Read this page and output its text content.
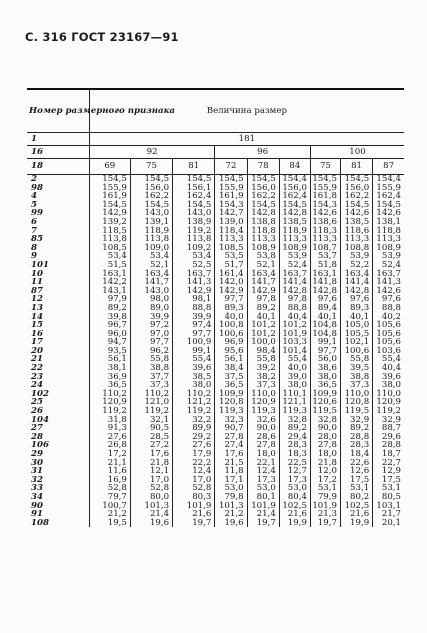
С. 316 ГОСТ 23167—91
Номер размерного признака	Величина размер								
1	181								
16	92			96			100		
18	69	75	81	72	78	84	75	81	87
2	154,5	154,5	154,5	154,5	154,5	154,4	154,5	154,5	154,4
98	155,9	156,0	156,1	155,9	156,0	156,0	155,9	156,0	155,9
4	161,9	162,2	162,4	161,9	162,2	162,4	161,8	162,2	162,4
5	154,5	154,5	154,5	154,3	154,5	154,5	154,3	154,5	154,5
99	142,9	143,0	143,0	142,7	142,8	142,8	142,6	142,6	142,6
6	139,2	139,1	138,9	139,0	138,8	138,5	138,6	138,5	138,1
7	118,5	118,9	119,2	118,4	118,8	118,9	118,3	118,6	118,8
85	113,8	113,8	113,8	113,3	113,3	113,3	113,3	113,3	113,3
8	108,5	109,0	109,2	108,5	108,9	108,9	108,7	108,8	108,9
9	53,4	53,4	53,4	53,5	53,8	53,9	53,7	53,9	53,9
101	51,5	52,1	52,5	51,7	52,1	52,4	51,8	52,2	52,4
10	163,1	163,4	163,7	161,4	163,4	163,7	163,1	163,4	163,7
11	142,2	141,7	141,3	142,0	141,7	141,4	141,8	141,4	141,3
87	143,1	143,0	142,9	142,9	142,9	142,8	142,8	142,8	142,6
12	97,9	98,0	98,1	97,7	97,8	97,8	97,6	97,6	97,6
13	89,2	89,0	88,8	89,3	89,2	88,8	89,4	89,3	88,8
14	39,8	39,9	39,9	40,0	40,1	40,4	40,1	40,1	40,2
15	96,7	97,2	97,4	100,8	101,2	101,2	104,8	105,0	105,6
16	96,0	97,0	97,7	100,6	101,2	101,9	104,8	105,5	105,6
17	94,7	97,7	100,9	96,9	100,0	103,3	99,1	102,1	105,6
20	93,5	96,2	99,1	95,6	98,4	101,4	97,7	100,6	103,6
21	56,1	55,8	55,4	56,1	55,8	55,4	56,0	55,8	55,4
22	38,1	38,8	39,6	38,4	39,2	40,0	38,6	39,5	40,4
23	36,9	37,7	38,5	37,5	38,2	39,0	38,0	38,8	39,6
24	36,5	37,3	38,0	36,5	37,3	38,0	36,5	37,3	38,0
102	110,2	110,2	110,2	109,9	110,0	110,1	109,9	110,0	110,0
25	120,9	121,0	121,2	120,8	120,9	121,1	120,6	120,8	120,9
26	119,2	119,2	119,2	119,3	119,3	119,3	119,5	119,5	119,2
104	31,8	32,1	32,2	32,3	32,6	32,8	32,8	32,9	32,9
27	91,3	90,5	89,9	90,7	90,0	89,2	90,0	89,2	88,7
28	27,6	28,5	29,2	27,8	28,6	29,4	28,0	28,8	29,6
106	26,8	27,2	27,6	27,4	27,8	28,3	27,8	28,3	28,8
29	17,2	17,6	17,9	17,6	18,0	18,3	18,0	18,4	18,7
30	21,1	21,8	22,2	21,5	22,1	22,5	21,8	22,6	22,7
31	11,6	12,1	12,4	11,8	12,4	12,7	12,0	12,6	12,9
32	16,9	17,0	17,0	17,1	17,3	17,3	17,2	17,5	17,5
33	52,8	52,8	52,8	53,0	53,0	53,0	53,1	53,1	53,1
34	79,7	80,0	80,3	79,8	80,1	80,4	79,9	80,2	80,5
90	100,7	101,3	101,9	101,3	101,9	102,5	101,9	102,5	103,1
91	21,2	21,4	21,6	21,2	21,4	21,6	21,3	21,6	21,7
108	19,5	19,6	19,7	19,6	19,7	19,9	19,7	19,9	20,1
